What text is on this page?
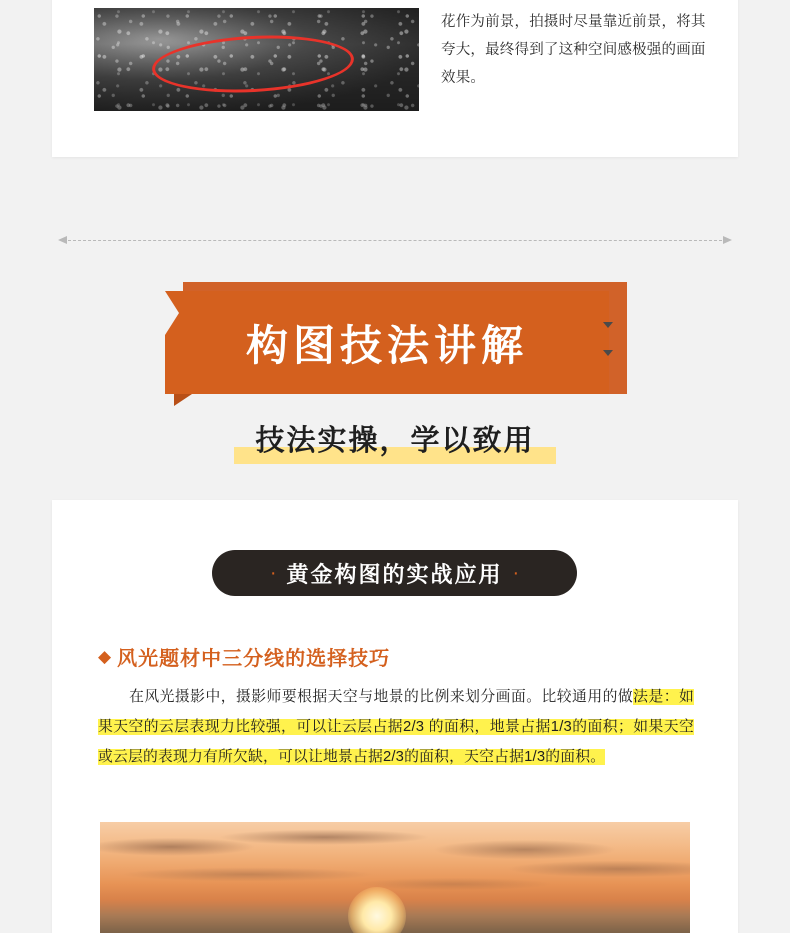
花作为前景，拍摄时尽量靠近前景，将其夸大，最终得到了这种空间感极强的画面效果。
构图技法讲解
技法实操，学以致用
· 黄金构图的实战应用 ·
◆ 风光题材中三分线的选择技巧
在风光摄影中，摄影师要根据天空与地景的比例来划分画面。比较通用的做法是：如果天空的云层表现力比较强，可以让云层占据2/3 的面积，地景占据1/3的面积；如果天空或云层的表现力有所欠缺，可以让地景占据2/3的面积，天空占据1/3的面积。
